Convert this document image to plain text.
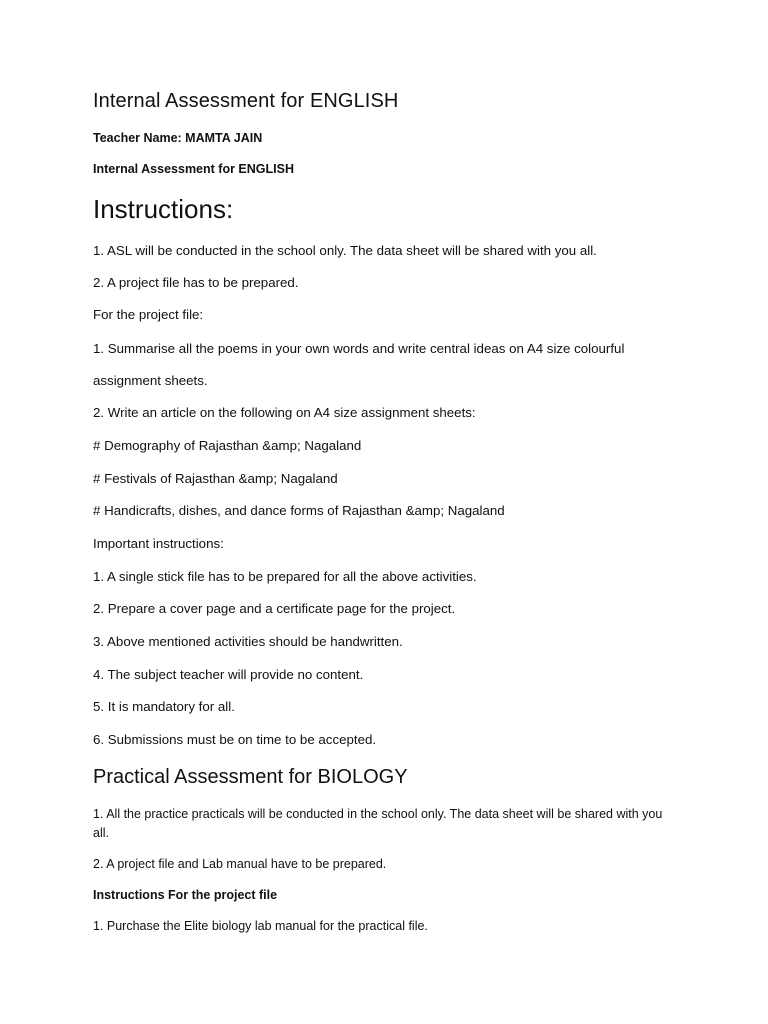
Internal Assessment for ENGLISH
Teacher Name: MAMTA JAIN
Internal Assessment for ENGLISH
Instructions:
1. ASL will be conducted in the school only. The data sheet will be shared with you all.
2. A project file has to be prepared.
For the project file:
1. Summarise all the poems in your own words and write central ideas on A4 size colourful
assignment sheets.
2. Write an article on the following on A4 size assignment sheets:
# Demography of Rajasthan &amp; Nagaland
# Festivals of Rajasthan &amp; Nagaland
# Handicrafts, dishes, and dance forms of Rajasthan &amp; Nagaland
Important instructions:
1. A single stick file has to be prepared for all the above activities.
2. Prepare a cover page and a certificate page for the project.
3. Above mentioned activities should be handwritten.
4. The subject teacher will provide no content.
5. It is mandatory for all.
6. Submissions must be on time to be accepted.
Practical Assessment for BIOLOGY
1. All the practice practicals will be conducted in the school only. The data sheet will be shared with you all.
2. A project file and Lab manual have to be prepared.
Instructions For the project file
1. Purchase the Elite biology lab manual for the practical file.
